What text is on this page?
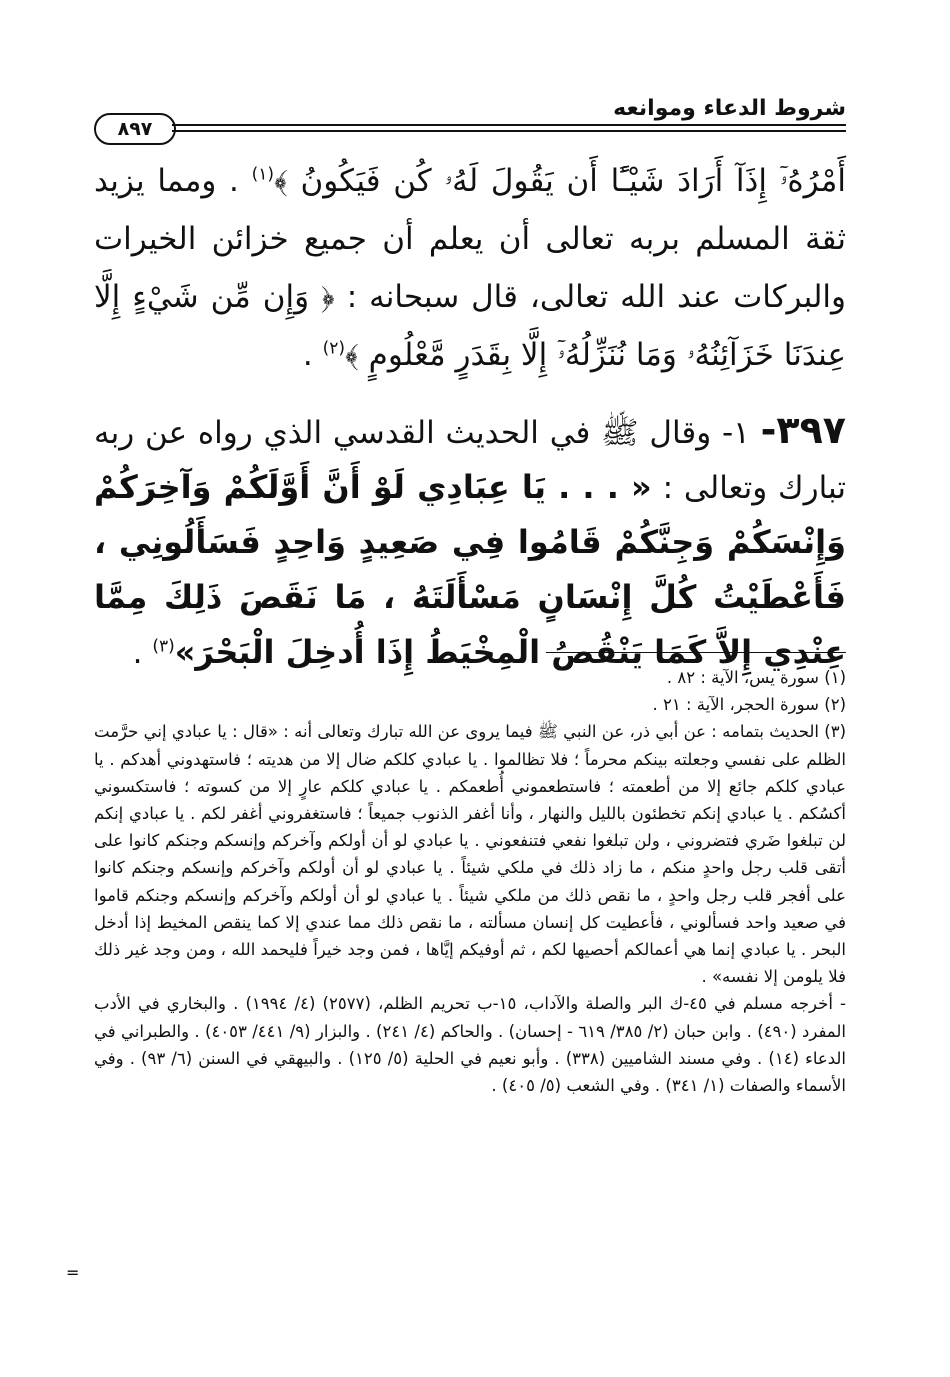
شروط الدعاء وموانعه
٨٩٧

أَمْرُهُۥٓ إِذَآ أَرَادَ شَيْـًٔا أَن يَقُولَ لَهُۥ كُن فَيَكُونُ ﴾$^{(١)}$ . ومما يزيد ثقة المسلم بربه تعالى أن يعلم أن جميع خزائن الخيرات والبركات عند الله تعالى، قال سبحانه : ﴿ وَإِن مِّن شَيْءٍ إِلَّا عِندَنَا خَزَآئِنُهُۥ وَمَا نُنَزِّلُهُۥٓ إِلَّا بِقَدَرٍ مَّعْلُومٍ ﴾$^{(٢)}$ .

٣٩٧- ١- وقال ﷺ في الحديث القدسي الذي رواه عن ربه تبارك وتعالى : « . . . يَا عِبَادِي لَوْ أَنَّ أَوَّلَكُمْ وَآخِرَكُمْ وَإِنْسَكُمْ وَجِنَّكُمْ قَامُوا فِي صَعِيدٍ وَاحِدٍ فَسَأَلُونِي ، فَأَعْطَيْتُ كُلَّ إِنْسَانٍ مَسْأَلَتَهُ ، مَا نَقَصَ ذَلِكَ مِمَّا عِنْدِي إِلاَّ كَمَا يَنْقُصُ الْمِخْيَطُ إِذَا أُدخِلَ الْبَحْرَ»$^{(٣)}$ .

(١) سورة يس، الآية : ٨٢ .

(٢) سورة الحجر، الآية : ٢١ .

(٣) الحديث بتمامه : عن أبي ذر، عن النبي ﷺ فيما يروى عن الله تبارك وتعالى أنه : «قال : يا عبادي إني حرَّمت الظلم على نفسي وجعلته بينكم محرماً ؛ فلا تظالموا . يا عبادي كلكم ضال إلا من هديته ؛ فاستهدوني أهدكم . يا عبادي كلكم جائع إلا من أطعمته ؛ فاستطعموني أُطعمكم . يا عبادي كلكم عارٍ إلا من كسوته ؛ فاستكسوني أكسُكم . يا عبادي إنكم تخطئون بالليل والنهار ، وأنا أغفر الذنوب جميعاً ؛ فاستغفروني أغفر لكم . يا عبادي إنكم لن تبلغوا ضَري فتضروني ، ولن تبلغوا نفعي فتنفعوني . يا عبادي لو أن أولكم وآخركم وإنسكم وجنكم كانوا على أتقى قلب رجل واحدٍ منكم ، ما زاد ذلك في ملكي شيئاً . يا عبادي لو أن أولكم وآخركم وإنسكم وجنكم كانوا على أفجر قلب رجل واحدٍ ، ما نقص ذلك من ملكي شيئاً . يا عبادي لو أن أولكم وآخركم وإنسكم وجنكم قاموا في صعيد واحد فسألوني ، فأعطيت كل إنسان مسألته ، ما نقص ذلك مما عندي إلا كما ينقص المخيط إذا أدخل البحر . يا عبادي إنما هي أعمالكم أحصيها لكم ، ثم أوفيكم إيَّاها ، فمن وجد خيراً فليحمد الله ، ومن وجد غير ذلك فلا يلومن إلا نفسه» .

- أخرجه مسلم في ٤٥-ك البر والصلة والآداب، ١٥-ب تحريم الظلم، (٢٥٧٧) (٤/ ١٩٩٤) . والبخاري في الأدب المفرد (٤٩٠) . وابن حبان (٢/ ٣٨٥/ ٦١٩ - إحسان) . والحاكم (٤/ ٢٤١) . والبزار (٩/ ٤٤١/ ٤٠٥٣) . والطبراني في الدعاء (١٤) . وفي مسند الشاميين (٣٣٨) . وأبو نعيم في الحلية (٥/ ١٢٥) . والبيهقي في السنن (٦/ ٩٣) . وفي الأسماء والصفات (١/ ٣٤١) . وفي الشعب (٥/ ٤٠٥) .

=
